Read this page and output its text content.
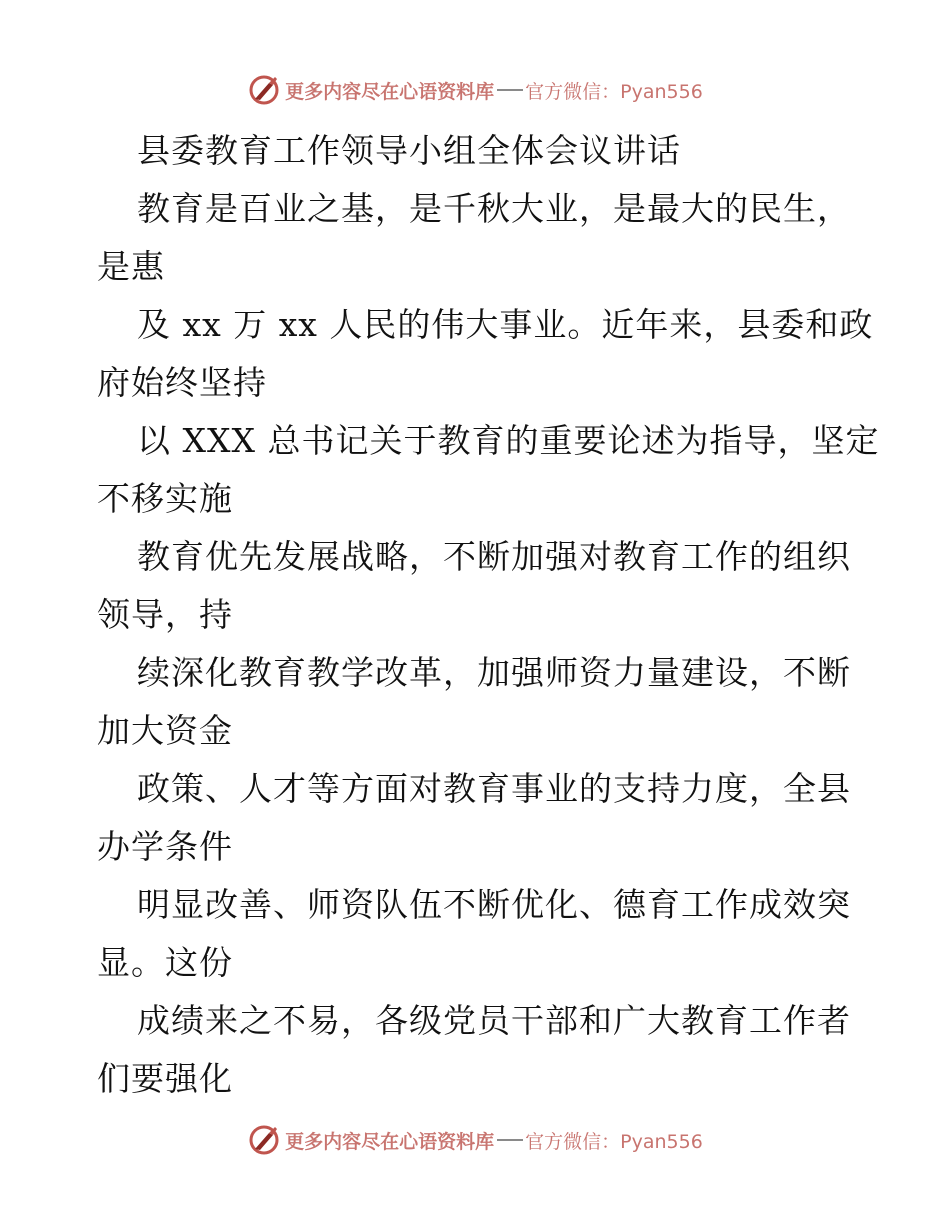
更多内容尽在心语资料库 官方微信：Pyan556
县委教育工作领导小组全体会议讲话
教育是百业之基，是千秋大业，是最大的民生，
是惠
及 xx 万 xx 人民的伟大事业。近年来，县委和政
府始终坚持
以 XXX 总书记关于教育的重要论述为指导，坚定
不移实施
教育优先发展战略，不断加强对教育工作的组织
领导，持
续深化教育教学改革，加强师资力量建设，不断
加大资金
政策、人才等方面对教育事业的支持力度，全县
办学条件
明显改善、师资队伍不断优化、德育工作成效突
显。这份
成绩来之不易，各级党员干部和广大教育工作者
们要强化
更多内容尽在心语资料库 官方微信：Pyan556
